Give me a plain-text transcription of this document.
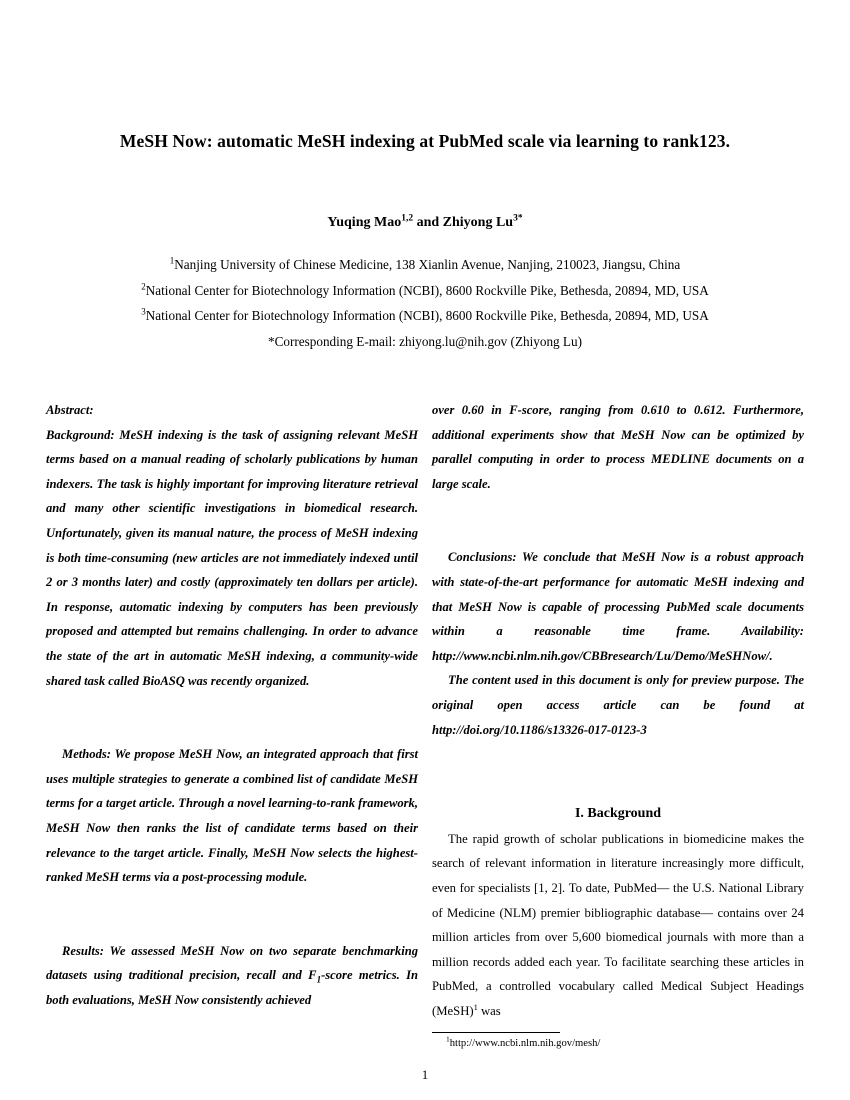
MeSH Now: automatic MeSH indexing at PubMed scale via learning to rank123.
Yuqing Mao$^{1,2}$ and Zhiyong $Lu^{3*}$
$^1$Nanjing University of Chinese Medicine, 138 Xianlin Avenue, Nanjing, 210023, Jiangsu, China
$^2$National Center for Biotechnology Information (NCBI), 8600 Rockville Pike, Bethesda, 20894, MD, USA
$^3$National Center for Biotechnology Information (NCBI), 8600 Rockville Pike, Bethesda, 20894, MD, USA
*Corresponding E-mail: zhiyong.lu@nih.gov (Zhiyong Lu)

Abstract:

Background: MeSH indexing is the task of assigning relevant MeSH terms based on a manual reading of scholarly publications by human indexers. The task is highly important for improving literature retrieval and many other scientific investigations in biomedical research. Unfortunately, given its manual nature, the process of MeSH indexing is both time-consuming (new articles are not immediately indexed until 2 or 3 months later) and costly (approximately ten dollars per article). In response, automatic indexing by computers has been previously proposed and attempted but remains challenging. In order to advance the state of the art in automatic MeSH indexing, a community-wide shared task called BioASQ was recently organized.

Methods: We propose MeSH Now, an integrated approach that first uses multiple strategies to generate a combined list of candidate MeSH terms for a target article. Through a novel learning-to-rank framework, MeSH Now then ranks the list of candidate terms based on their relevance to the target article. Finally, MeSH Now selects the highest-ranked MeSH terms via a post-processing module.

Results: We assessed MeSH Now on two separate benchmarking datasets using traditional precision, recall and $F_1$-score metrics. In both evaluations, MeSH Now consistently achieved

over 0.60 in F-score, ranging from 0.610 to 0.612. Furthermore, additional experiments show that MeSH Now can be optimized by parallel computing in order to process MEDLINE documents on a large scale.

Conclusions: We conclude that MeSH Now is a robust approach with state-of-the-art performance for automatic MeSH indexing and that MeSH Now is capable of processing PubMed scale documents within a reasonable time frame. Availability: http://www.ncbi.nlm.nih.gov/CBBresearch/Lu/Demo/MeSHNow/.

The content used in this document is only for preview purpose. The original open access article can be found at http://doi.org/10.1186/s13326-017-0123-3

I. Background

The rapid growth of scholar publications in biomedicine makes the search of relevant information in literature increasingly more difficult, even for specialists [1, 2]. To date, PubMed— the U.S. National Library of Medicine (NLM) premier bibliographic database— contains over 24 million articles from over 5,600 biomedical journals with more than a million records added each year. To facilitate searching these articles in PubMed, a controlled vocabulary called Medical Subject Headings (MeSH)$^1$ was

$^1$http://www.ncbi.nlm.nih.gov/mesh/

1
